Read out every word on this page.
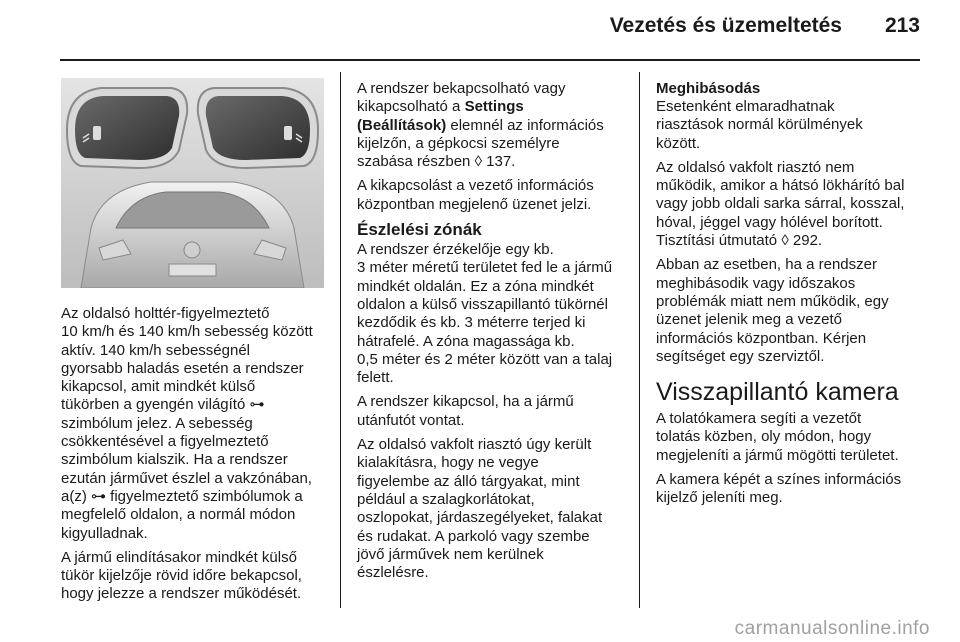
Vezetés és üzemeltetés 213

Az oldalsó holttér-figyelmeztető
10 km/h és 140 km/h sebesség között
aktív. 140 km/h sebességnél
gyorsabb haladás esetén a rendszer
kikapcsol, amit mindkét külső
tükörben a gyengén világító ⊶
szimbólum jelez. A sebesség
csökkentésével a figyelmeztető
szimbólum kialszik. Ha a rendszer
ezután járművet észlel a vakzónában,
a(z) ⊶ figyelmeztető szimbólumok a
megfelelő oldalon, a normál módon
kigyulladnak.

A jármű elindításakor mindkét külső
tükör kijelzője rövid időre bekapcsol,
hogy jelezze a rendszer működését.

A rendszer bekapcsolható vagy
kikapcsolható a Settings
(Beállítások) elemnél az információs
kijelzőn, a gépkocsi személyre
szabása részben ◊ 137.

A kikapcsolást a vezető információs
központban megjelenő üzenet jelzi.

Észlelési zónák

A rendszer érzékelője egy kb.
3 méter méretű területet fed le a jármű
mindkét oldalán. Ez a zóna mindkét
oldalon a külső visszapillantó tükörnél
kezdődik és kb. 3 méterre terjed ki
hátrafelé. A zóna magassága kb.
0,5 méter és 2 méter között van a talaj
felett.

A rendszer kikapcsol, ha a jármű
utánfutót vontat.

Az oldalsó vakfolt riasztó úgy került
kialakításra, hogy ne vegye
figyelembe az álló tárgyakat, mint
például a szalagkorlátokat,
oszlopokat, járdaszegélyeket, falakat
és rudakat. A parkoló vagy szembe
jövő járművek nem kerülnek
észlelésre.

Meghibásodás

Esetenként elmaradhatnak
riasztások normál körülmények
között.

Az oldalsó vakfolt riasztó nem
működik, amikor a hátsó lökhárító bal
vagy jobb oldali sarka sárral, kosszal,
hóval, jéggel vagy hólével borított.
Tisztítási útmutató ◊ 292.

Abban az esetben, ha a rendszer
meghibásodik vagy időszakos
problémák miatt nem működik, egy
üzenet jelenik meg a vezető
információs központban. Kérjen
segítséget egy szerviztől.

Visszapillantó kamera

A tolatókamera segíti a vezetőt
tolatás közben, oly módon, hogy
megjeleníti a jármű mögötti területet.

A kamera képét a színes információs
kijelző jeleníti meg.

carmanualsonline.info
